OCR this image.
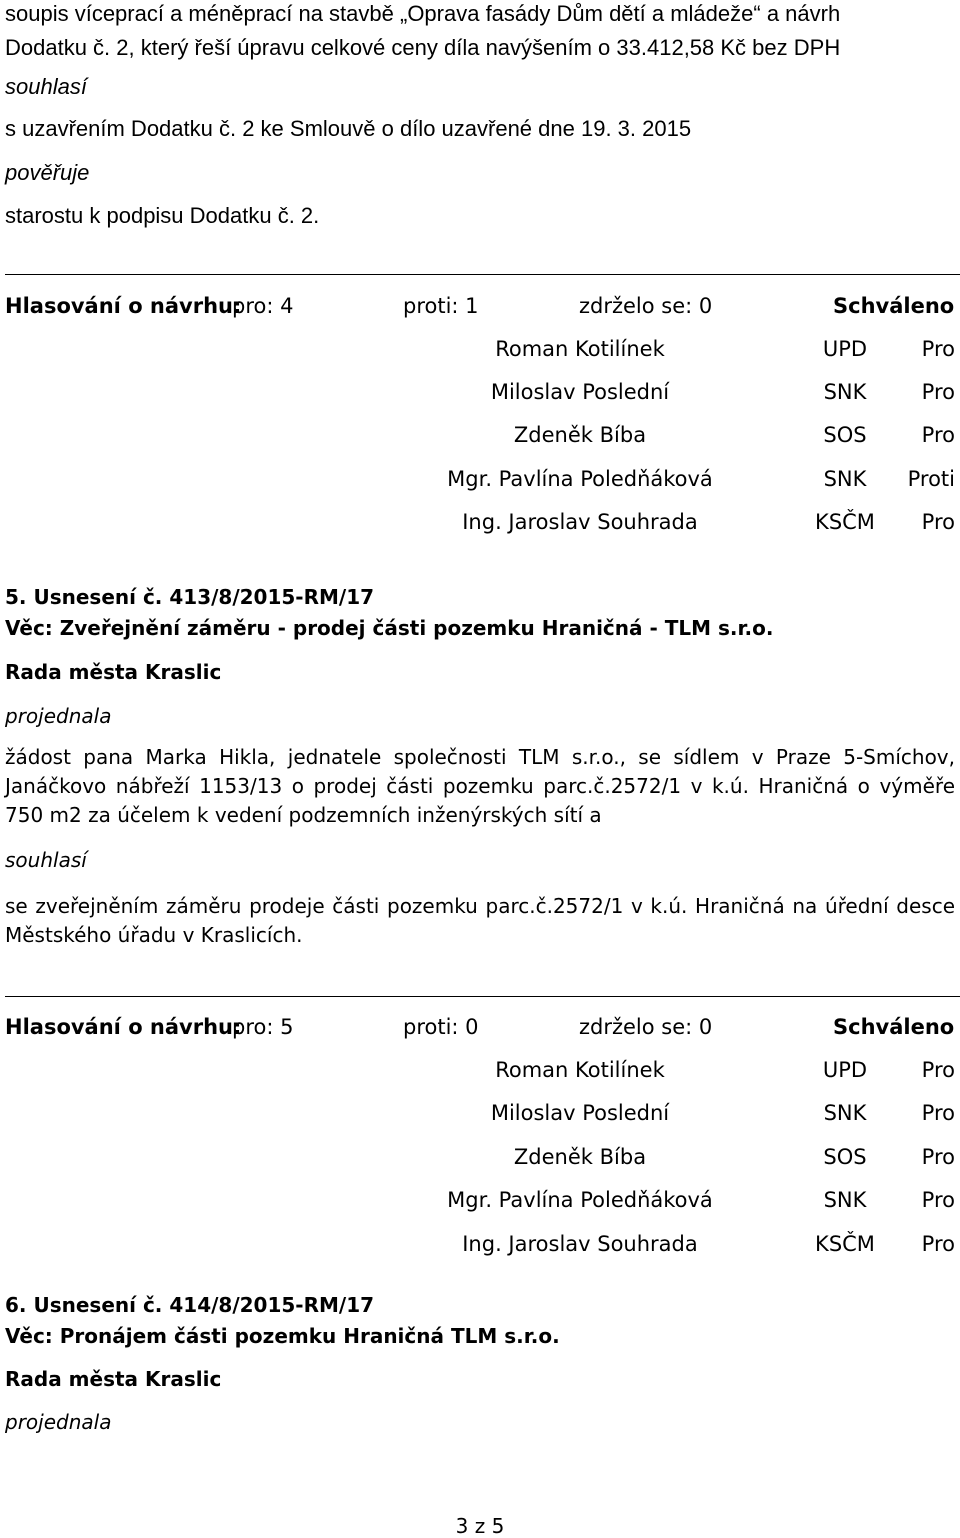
soupis víceprací a méněprací na stavbě „Oprava fasády Dům dětí a mládeže“ a návrh
Dodatku č. 2, který řeší úpravu celkové ceny díla navýšením o 33.412,58 Kč bez DPH
souhlasí
s uzavřením Dodatku č. 2 ke Smlouvě o dílo uzavřené dne 19. 3. 2015
pověřuje
starostu k podpisu Dodatku č. 2.
Hlasování o návrhu:
pro: 4	proti: 1	zdrželo se: 0	Schváleno
Roman Kotilínek	UPD	Pro
Miloslav Poslední	SNK	Pro
Zdeněk Bíba	SOS	Pro
Mgr. Pavlína Poledňáková	SNK	Proti
Ing. Jaroslav Souhrada	KSČM	Pro
5. Usnesení č. 413/8/2015-RM/17
Věc: Zveřejnění záměru - prodej části pozemku Hraničná - TLM s.r.o.
Rada města Kraslic
projednala
žádost pana Marka Hikla, jednatele společnosti TLM s.r.o., se sídlem v Praze 5-Smíchov, Janáčkovo nábřeží 1153/13 o prodej části pozemku parc.č.2572/1 v k.ú. Hraničná o výměře 750 m2 za účelem k vedení podzemních inženýrských sítí a
souhlasí
se zveřejněním záměru prodeje části pozemku parc.č.2572/1 v k.ú. Hraničná na úřední desce Městského úřadu v Kraslicích.
Hlasování o návrhu:
pro: 5	proti: 0	zdrželo se: 0	Schváleno
Roman Kotilínek	UPD	Pro
Miloslav Poslední	SNK	Pro
Zdeněk Bíba	SOS	Pro
Mgr. Pavlína Poledňáková	SNK	Pro
Ing. Jaroslav Souhrada	KSČM	Pro
6. Usnesení č. 414/8/2015-RM/17
Věc: Pronájem části pozemku Hraničná TLM s.r.o.
Rada města Kraslic
projednala
3 z 5
